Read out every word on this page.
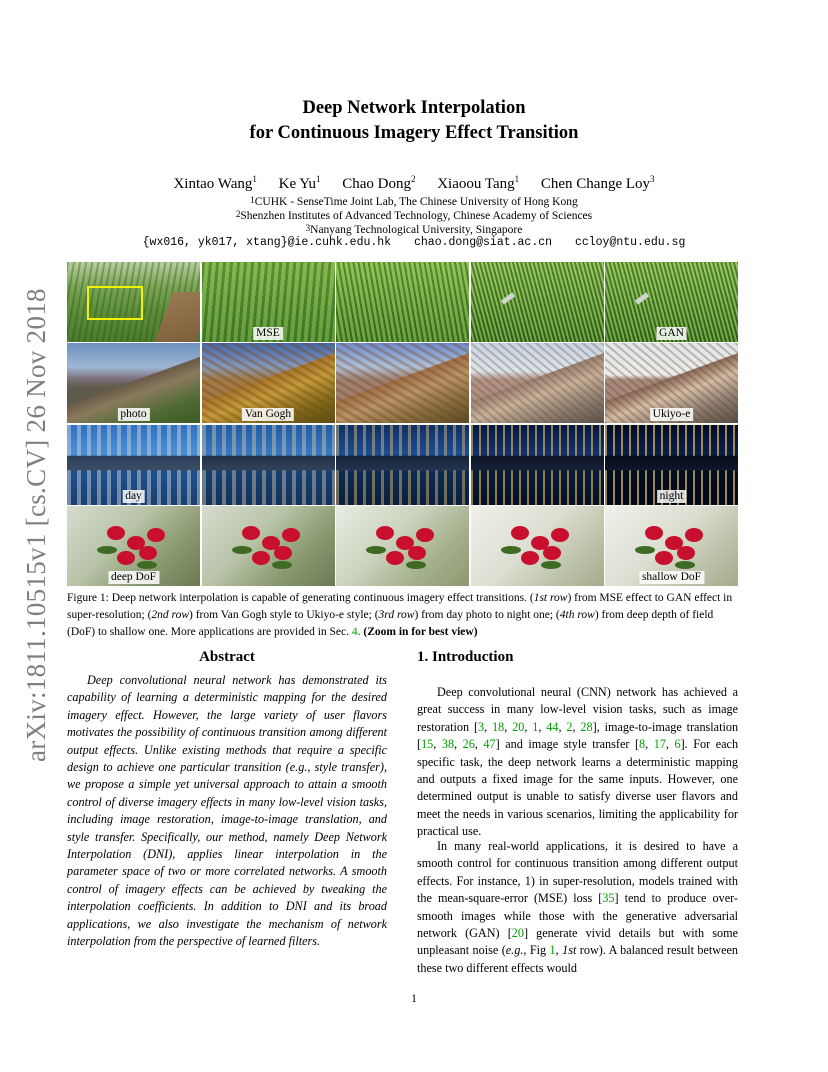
arXiv:1811.10515v1 [cs.CV] 26 Nov 2018
Deep Network Interpolation
for Continuous Imagery Effect Transition
Xintao Wang$^1$ Ke Yu$^1$ Chao Dong$^2$ Xiaoou Tang$^1$ Chen Change Loy$^3$
$^1$CUHK - SenseTime Joint Lab, The Chinese University of Hong Kong
$^2$Shenzhen Institutes of Advanced Technology, Chinese Academy of Sciences
$^3$Nanyang Technological University, Singapore
{wx016, yk017, xtang}@ie.cuhk.edu.hk chao.dong@siat.ac.cn ccloy@ntu.edu.sg
MSE	GAN
photo	Van Gogh	Ukiyo-e
day	night
deep DoF	shallow DoF
Figure 1: Deep network interpolation is capable of generating continuous imagery effect transitions. (1st row) from MSE effect to GAN effect in super-resolution; (2nd row) from Van Gogh style to Ukiyo-e style; (3rd row) from day photo to night one; (4th row) from deep depth of field (DoF) to shallow one. More applications are provided in Sec. 4. (Zoom in for best view)
Abstract
Deep convolutional neural network has demonstrated its capability of learning a deterministic mapping for the desired imagery effect. However, the large variety of user flavors motivates the possibility of continuous transition among different output effects. Unlike existing methods that require a specific design to achieve one particular transition (e.g., style transfer), we propose a simple yet universal approach to attain a smooth control of diverse imagery effects in many low-level vision tasks, including image restoration, image-to-image translation, and style transfer. Specifically, our method, namely Deep Network Interpolation (DNI), applies linear interpolation in the parameter space of two or more correlated networks. A smooth control of imagery effects can be achieved by tweaking the interpolation coefficients. In addition to DNI and its broad applications, we also investigate the mechanism of network interpolation from the perspective of learned filters.
1. Introduction
Deep convolutional neural (CNN) network has achieved a great success in many low-level vision tasks, such as image restoration [3, 18, 20, 1, 44, 2, 28], image-to-image translation [15, 38, 26, 47] and image style transfer [8, 17, 6]. For each specific task, the deep network learns a deterministic mapping and outputs a fixed image for the same inputs. However, one determined output is unable to satisfy diverse user flavors and meet the needs in various scenarios, limiting the applicability for practical use.
In many real-world applications, it is desired to have a smooth control for continuous transition among different output effects. For instance, 1) in super-resolution, models trained with the mean-square-error (MSE) loss [35] tend to produce over-smooth images while those with the generative adversarial network (GAN) [20] generate vivid details but with some unpleasant noise (e.g., Fig 1, 1st row). A balanced result between these two different effects would
1
